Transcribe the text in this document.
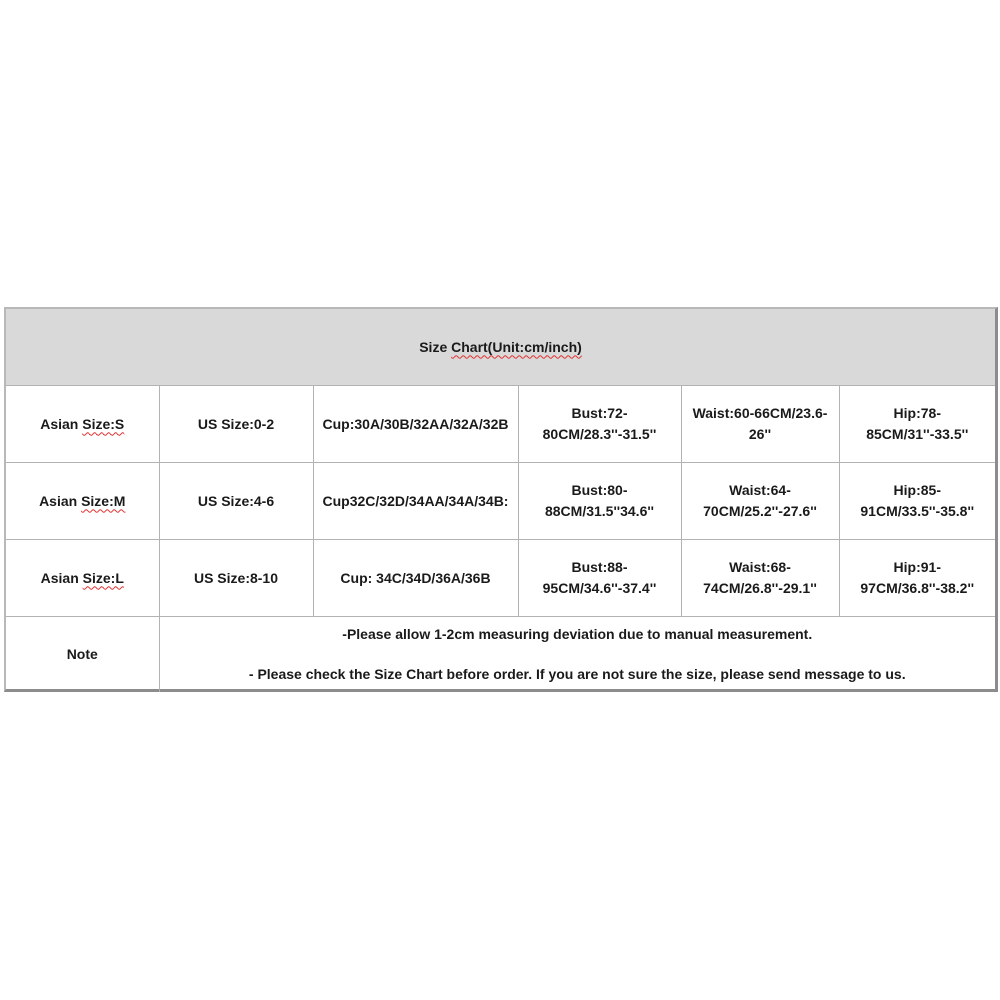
Size Chart(Unit:cm/inch)					
Asian Size:S	US Size:0-2	Cup:30A/30B/32AA/32A/32B	Bust:72-80CM/28.3''-31.5''	Waist:60-66CM/23.6-26''	Hip:78-85CM/31''-33.5''
Asian Size:M	US Size:4-6	Cup32C/32D/34AA/34A/34B:	Bust:80-88CM/31.5''34.6''	Waist:64-70CM/25.2''-27.6''	Hip:85-91CM/33.5''-35.8''
Asian Size:L	US Size:8-10	Cup: 34C/34D/36A/36B	Bust:88-95CM/34.6''-37.4''	Waist:68-74CM/26.8''-29.1''	Hip:91-97CM/36.8''-38.2''
Note	-Please allow 1-2cm measuring deviation due to manual measurement.
- Please check the Size Chart before order. If you are not sure the size, please send message to us.				
